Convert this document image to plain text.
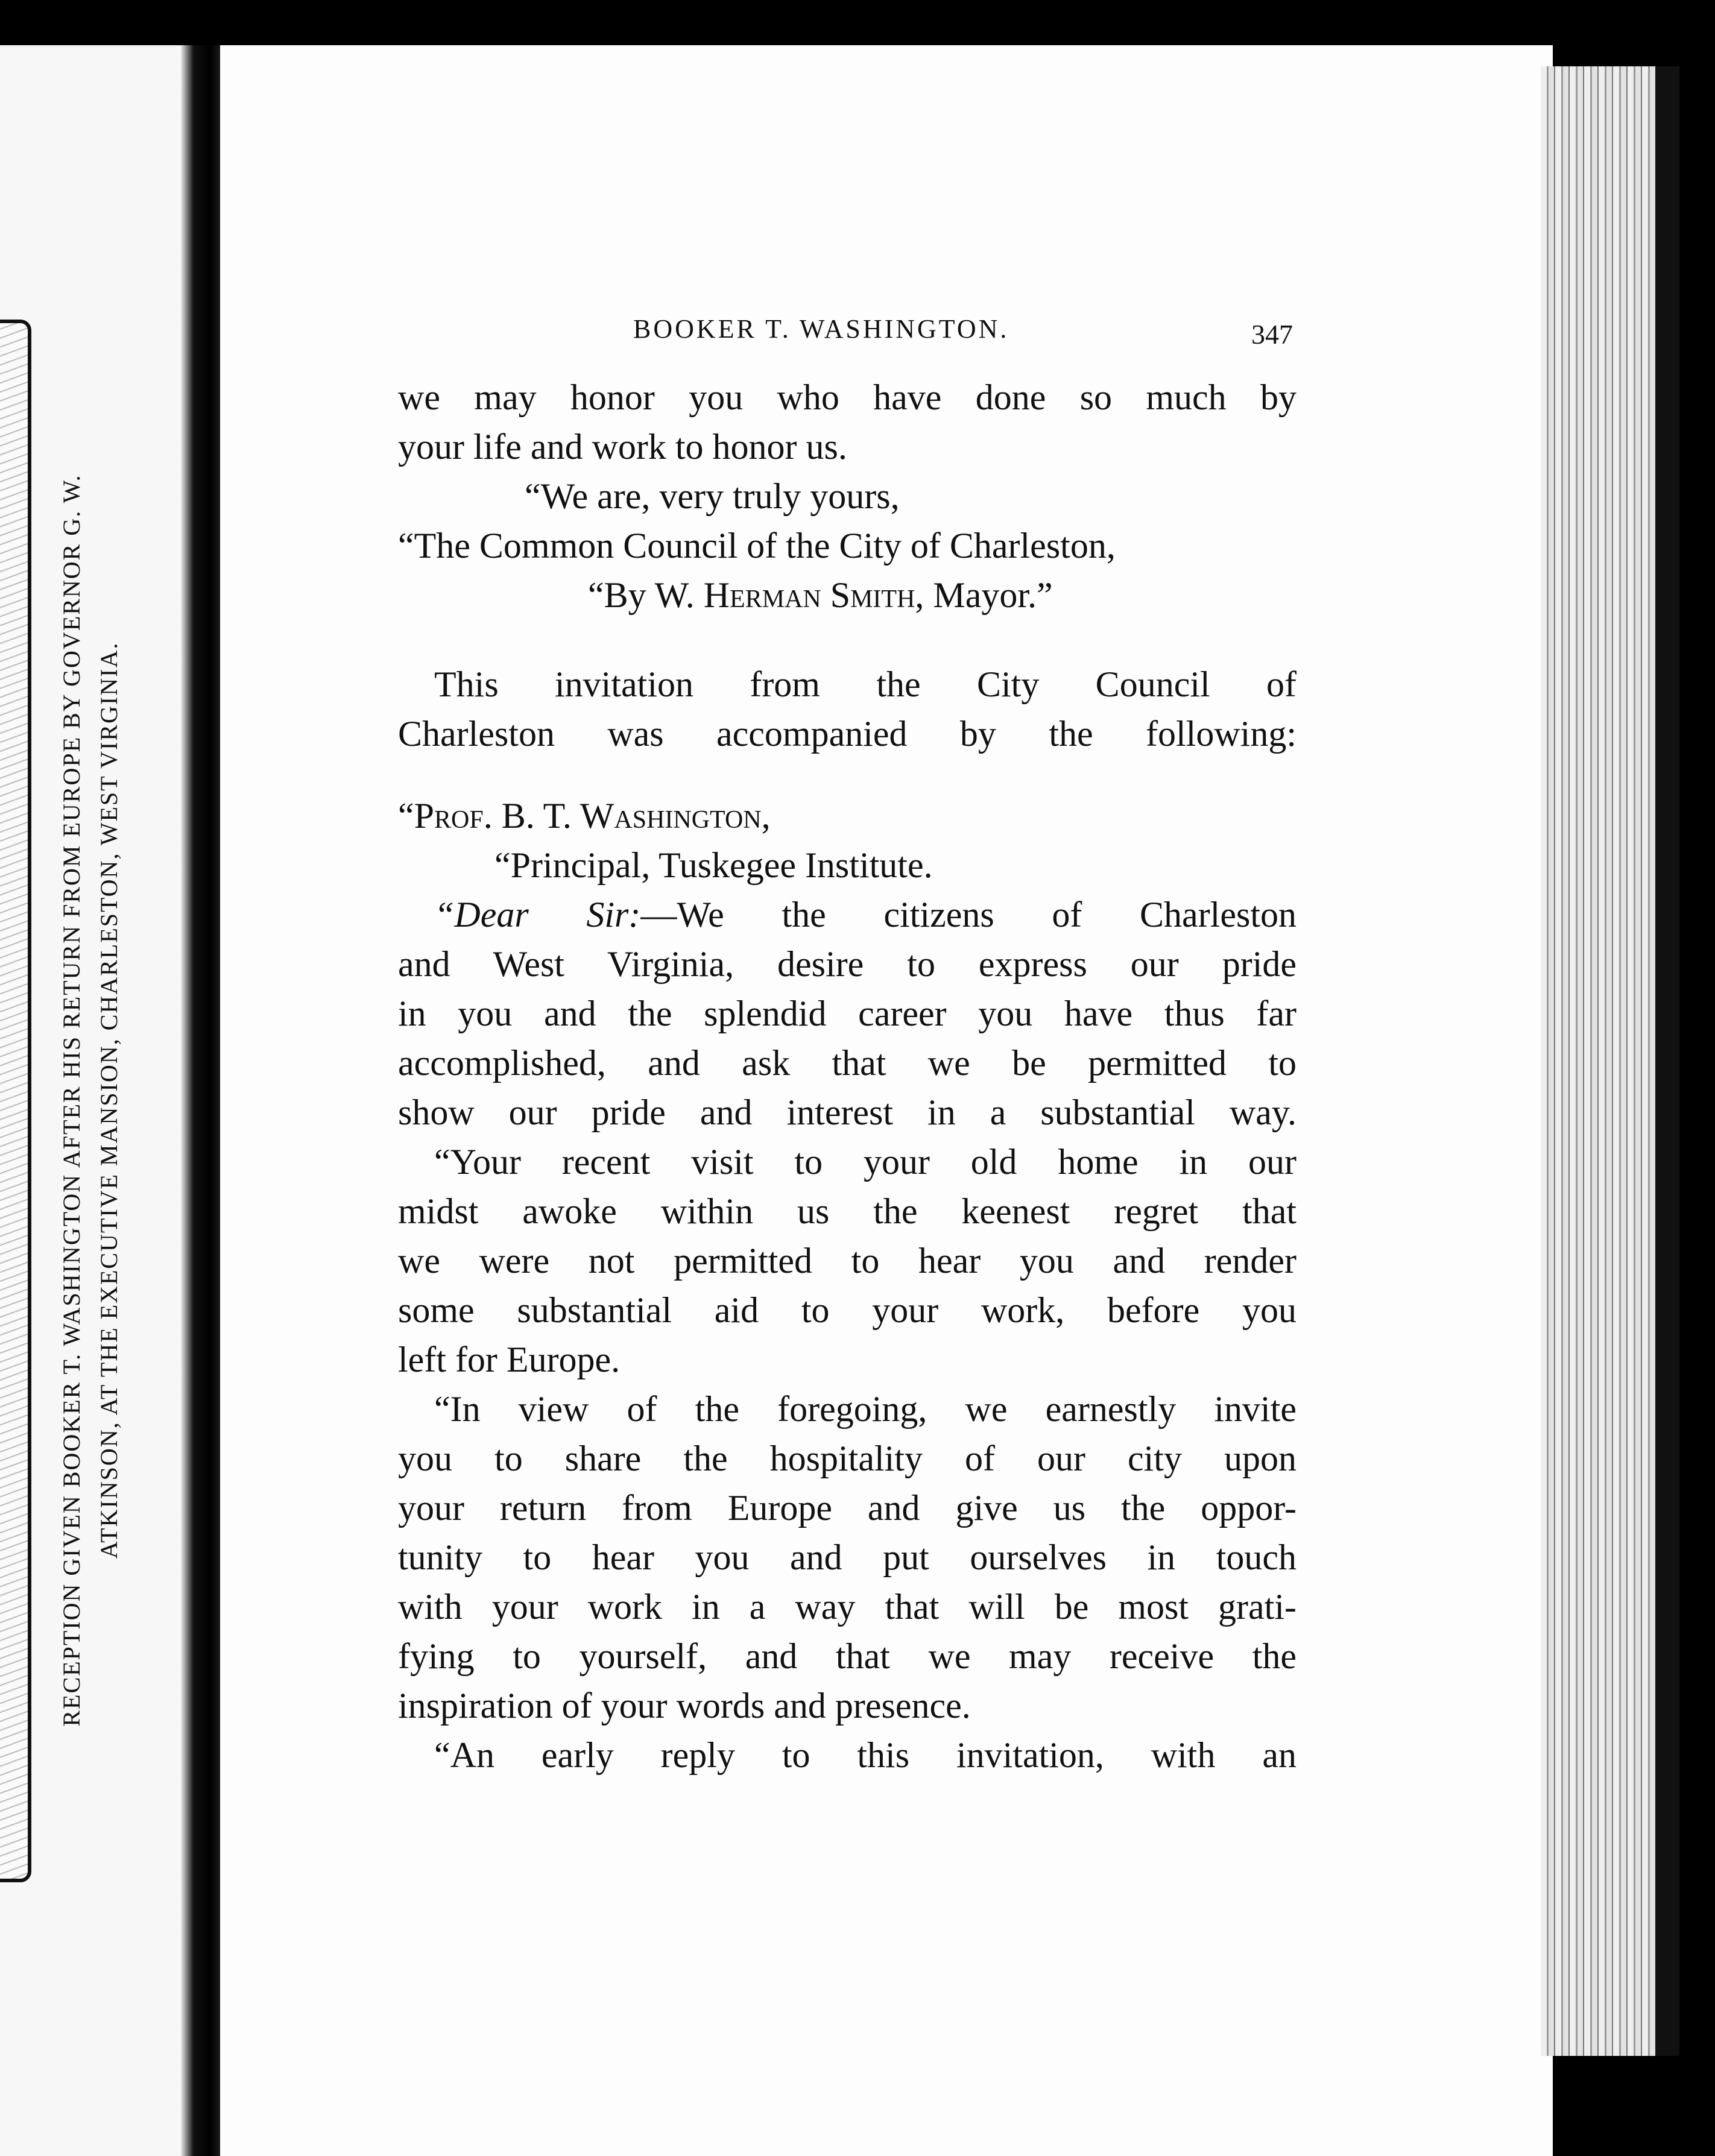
RECEPTION GIVEN BOOKER T. WASHINGTON AFTER HIS RETURN FROM EUROPE BY GOVERNOR G. W. ATKINSON, AT THE EXECUTIVE MANSION, CHARLESTON, WEST VIRGINIA.
BOOKER T. WASHINGTON.	347
we may honor you who have done so much by
your life and work to honor us.
“We are, very truly yours,
“The Common Council of the City of Charleston,
“By W. Herman Smith, Mayor.”
This invitation from the City Council of
Charleston was accompanied by the following:
“Prof. B. T. Washington,
“Principal, Tuskegee Institute.
“Dear Sir:—We the citizens of Charleston
and West Virginia, desire to express our pride
in you and the splendid career you have thus far
accomplished, and ask that we be permitted to
show our pride and interest in a substantial way.
“Your recent visit to your old home in our
midst awoke within us the keenest regret that
we were not permitted to hear you and render
some substantial aid to your work, before you
left for Europe.
“In view of the foregoing, we earnestly invite
you to share the hospitality of our city upon
your return from Europe and give us the oppor-
tunity to hear you and put ourselves in touch
with your work in a way that will be most grati-
fying to yourself, and that we may receive the
inspiration of your words and presence.
“An early reply to this invitation, with an
